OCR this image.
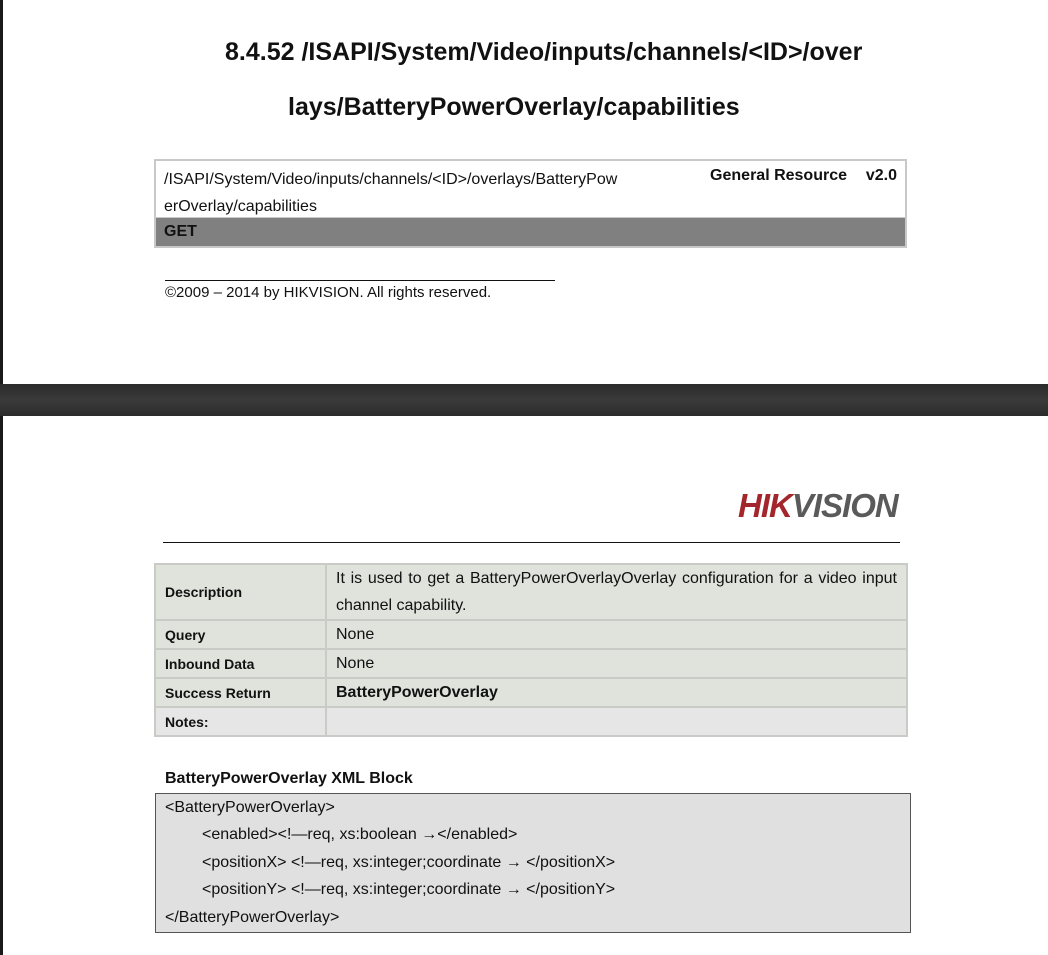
8.4.52 /ISAPI/System/Video/inputs/channels/<ID>/over
lays/BatteryPowerOverlay/capabilities
/ISAPI/System/Video/inputs/channels/<ID>/overlays/BatteryPowerOverlay/capabilities
General Resource v2.0
GET
©2009 – 2014 by HIKVISION. All rights reserved.
HIKVISION
Description	It is used to get a BatteryPowerOverlayOverlay configuration for a video input channel capability.
Query	None
Inbound Data	None
Success Return	BatteryPowerOverlay
Notes:	
BatteryPowerOverlay XML Block
<BatteryPowerOverlay>
<enabled><!—req, xs:boolean →</enabled>
<positionX> <!—req, xs:integer;coordinate → </positionX>
<positionY> <!—req, xs:integer;coordinate → </positionY>
</BatteryPowerOverlay>
